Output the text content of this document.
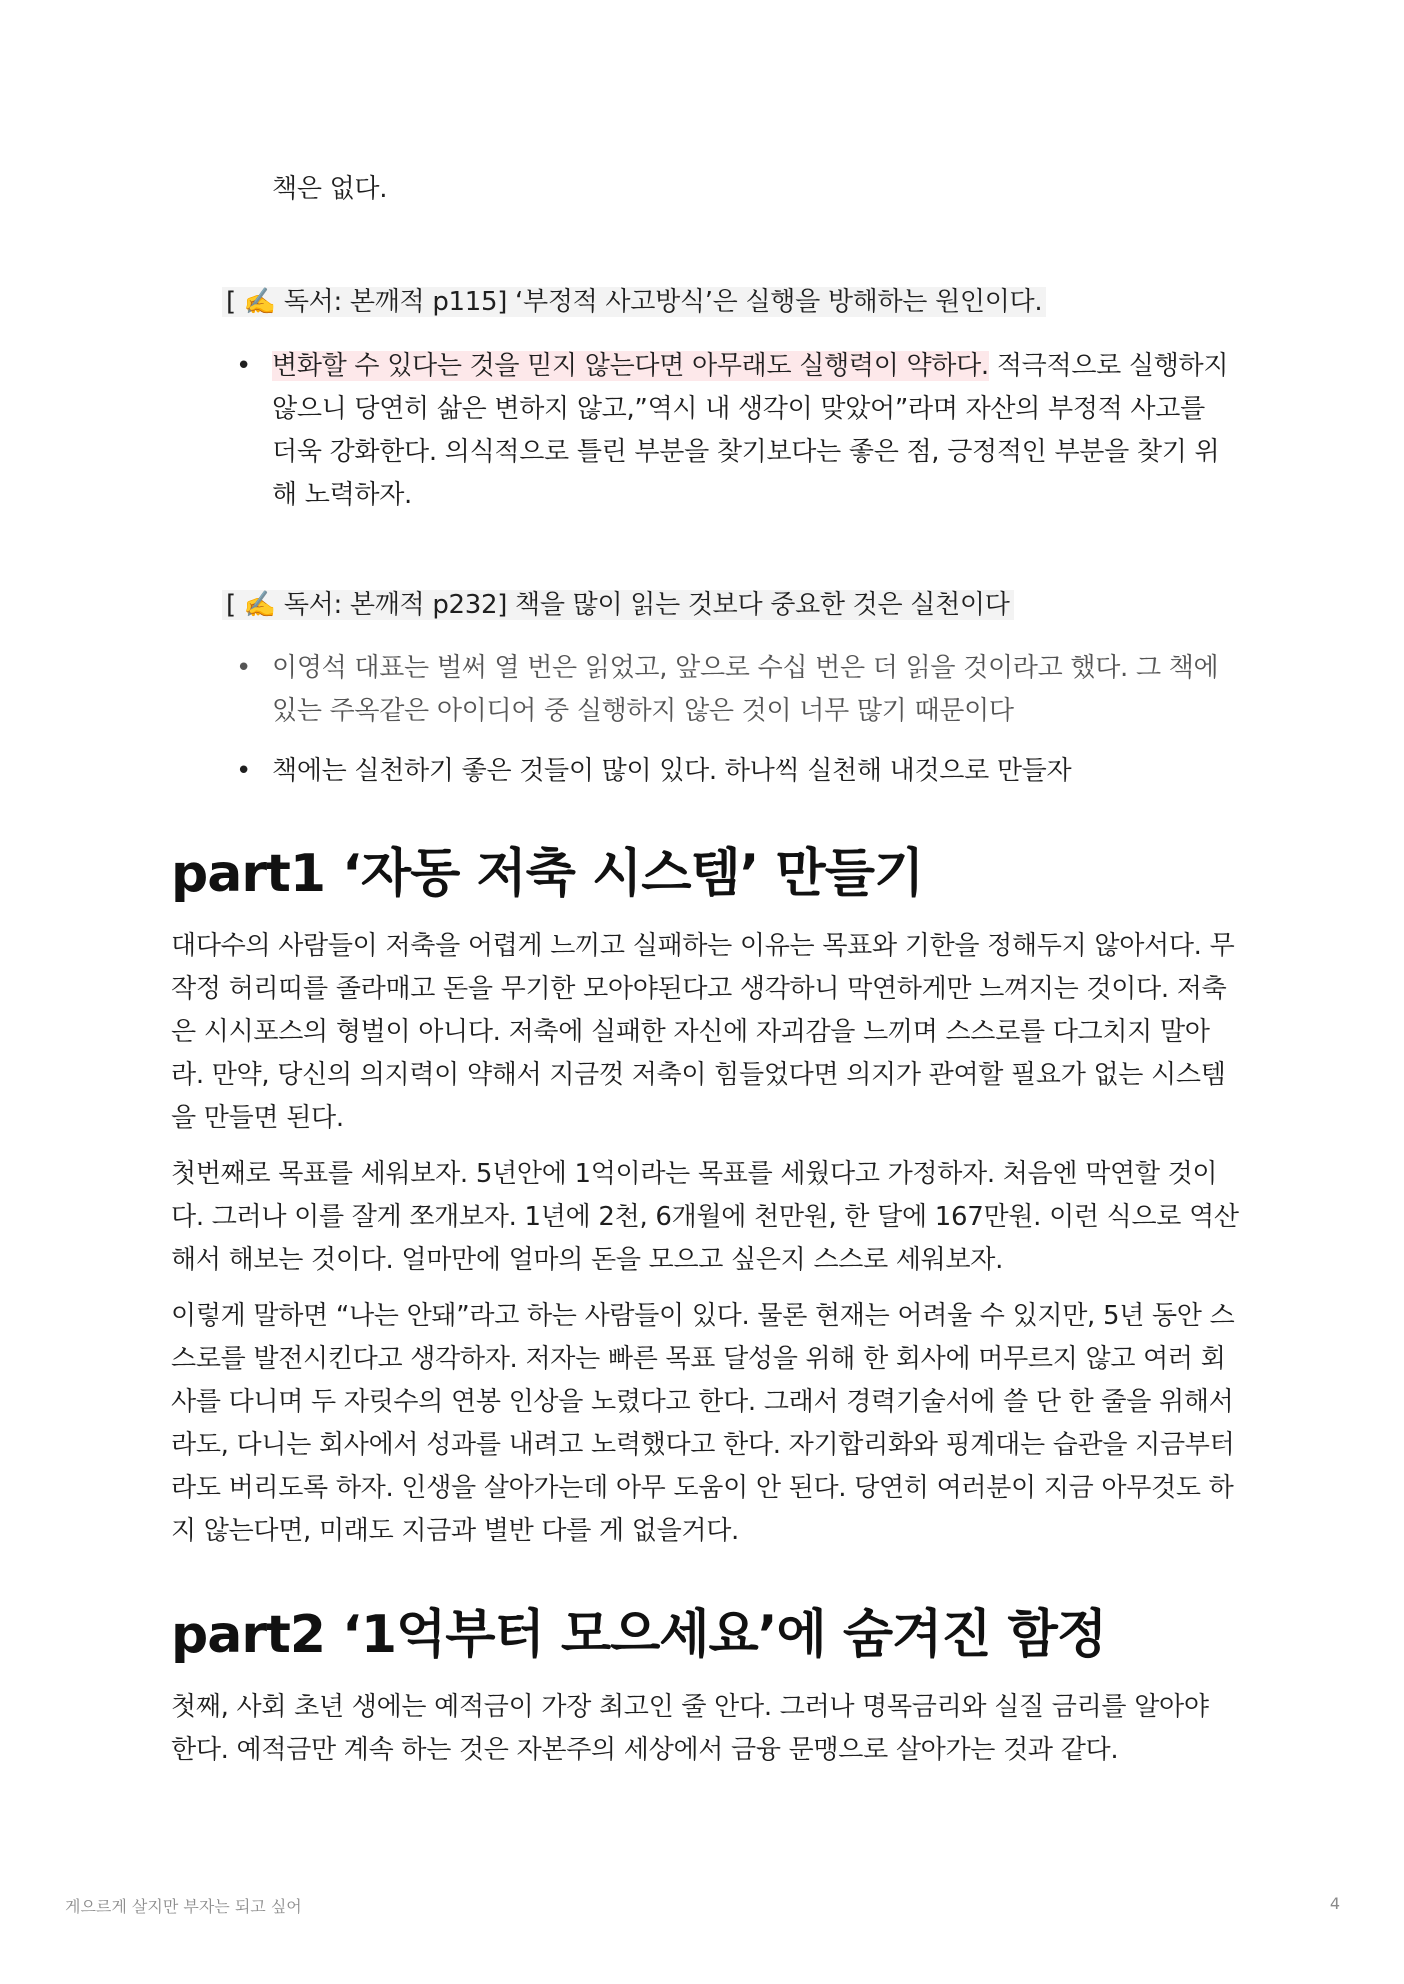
책은 없다.
[ ✍️ 독서: 본깨적 p115] ‘부정적 사고방식’은 실행을 방해하는 원인이다.
• 변화할 수 있다는 것을 믿지 않는다면 아무래도 실행력이 약하다. 적극적으로 실행하지 않으니 당연히 삶은 변하지 않고,”역시 내 생각이 맞았어”라며 자산의 부정적 사고를 더욱 강화한다. 의식적으로 틀린 부분을 찾기보다는 좋은 점, 긍정적인 부분을 찾기 위해 노력하자.
[ ✍️ 독서: 본깨적 p232] 책을 많이 읽는 것보다 중요한 것은 실천이다
• 이영석 대표는 벌써 열 번은 읽었고, 앞으로 수십 번은 더 읽을 것이라고 했다. 그 책에 있는 주옥같은 아이디어 중 실행하지 않은 것이 너무 많기 때문이다
• 책에는 실천하기 좋은 것들이 많이 있다. 하나씩 실천해 내것으로 만들자
part1 ‘자동 저축 시스템’ 만들기

대다수의 사람들이 저축을 어렵게 느끼고 실패하는 이유는 목표와 기한을 정해두지 않아서다. 무작정 허리띠를 졸라매고 돈을 무기한 모아야된다고 생각하니 막연하게만 느껴지는 것이다. 저축은 시시포스의 형벌이 아니다. 저축에 실패한 자신에 자괴감을 느끼며 스스로를 다그치지 말아라. 만약, 당신의 의지력이 약해서 지금껏 저축이 힘들었다면 의지가 관여할 필요가 없는 시스템을 만들면 된다.

첫번째로 목표를 세워보자. 5년안에 1억이라는 목표를 세웠다고 가정하자. 처음엔 막연할 것이다. 그러나 이를 잘게 쪼개보자. 1년에 2천, 6개월에 천만원, 한 달에 167만원. 이런 식으로 역산해서 해보는 것이다. 얼마만에 얼마의 돈을 모으고 싶은지 스스로 세워보자.

이렇게 말하면 “나는 안돼”라고 하는 사람들이 있다. 물론 현재는 어려울 수 있지만, 5년 동안 스스로를 발전시킨다고 생각하자. 저자는 빠른 목표 달성을 위해 한 회사에 머무르지 않고 여러 회사를 다니며 두 자릿수의 연봉 인상을 노렸다고 한다. 그래서 경력기술서에 쓸 단 한 줄을 위해서라도, 다니는 회사에서 성과를 내려고 노력했다고 한다. 자기합리화와 핑계대는 습관을 지금부터라도 버리도록 하자. 인생을 살아가는데 아무 도움이 안 된다. 당연히 여러분이 지금 아무것도 하지 않는다면, 미래도 지금과 별반 다를 게 없을거다.

part2 ‘1억부터 모으세요’에 숨겨진 함정

첫째, 사회 초년 생에는 예적금이 가장 최고인 줄 안다. 그러나 명목금리와 실질 금리를 알아야 한다. 예적금만 계속 하는 것은 자본주의 세상에서 금융 문맹으로 살아가는 것과 같다.

게으르게 살지만 부자는 되고 싶어	4
